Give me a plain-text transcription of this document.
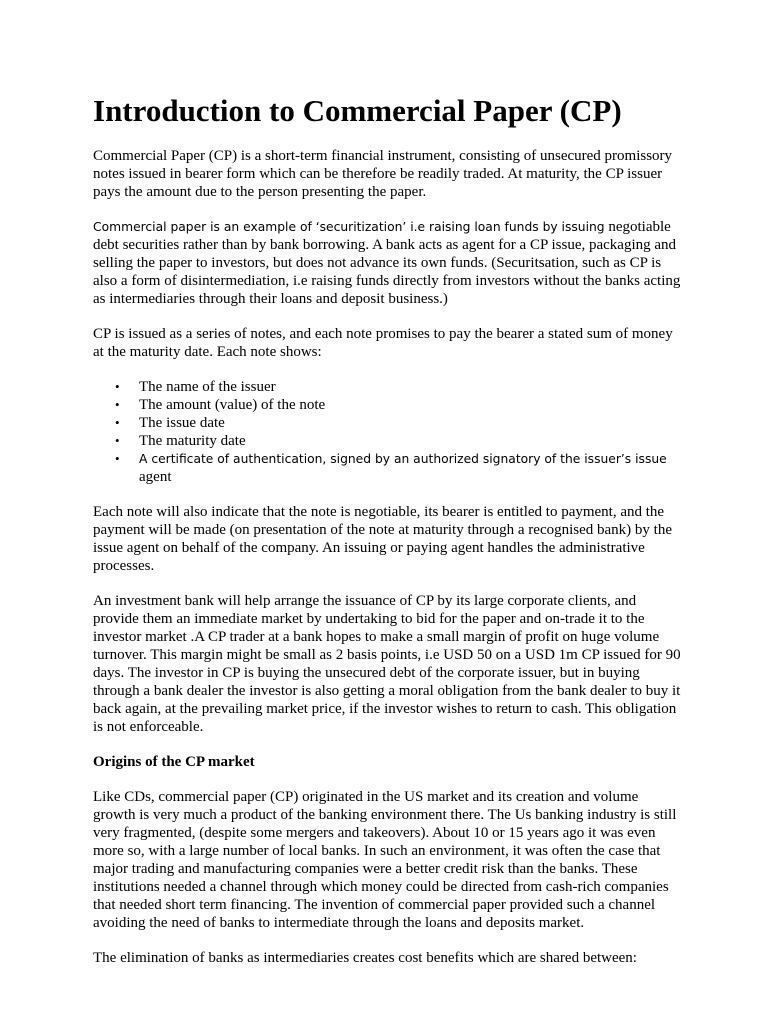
Introduction to Commercial Paper (CP)

Commercial Paper (CP) is a short-term financial instrument, consisting of unsecured promissory notes issued in bearer form which can be therefore be readily traded. At maturity, the CP issuer pays the amount due to the person presenting the paper.

Commercial paper is an example of ‘securitization’ i.e raising loan funds by issuing negotiable debt securities rather than by bank borrowing. A bank acts as agent for a CP issue, packaging and selling the paper to investors, but does not advance its own funds. (Securitsation, such as CP is also a form of disintermediation, i.e raising funds directly from investors without the banks acting as intermediaries through their loans and deposit business.)

CP is issued as a series of notes, and each note promises to pay the bearer a stated sum of money at the maturity date. Each note shows:

• The name of the issuer
• The amount (value) of the note
• The issue date
• The maturity date
• A certificate of authentication, signed by an authorized signatory of the issuer’s issue agent

Each note will also indicate that the note is negotiable, its bearer is entitled to payment, and the payment will be made (on presentation of the note at maturity through a recognised bank) by the issue agent on behalf of the company. An issuing or paying agent handles the administrative processes.

An investment bank will help arrange the issuance of CP by its large corporate clients, and provide them an immediate market by undertaking to bid for the paper and on-trade it to the investor market .A CP trader at a bank hopes to make a small margin of profit on huge volume turnover. This margin might be small as 2 basis points, i.e USD 50 on a USD 1m CP issued for 90 days. The investor in CP is buying the unsecured debt of the corporate issuer, but in buying through a bank dealer the investor is also getting a moral obligation from the bank dealer to buy it back again, at the prevailing market price, if the investor wishes to return to cash. This obligation is not enforceable.

Origins of the CP market

Like CDs, commercial paper (CP) originated in the US market and its creation and volume growth is very much a product of the banking environment there. The Us banking industry is still very fragmented, (despite some mergers and takeovers). About 10 or 15 years ago it was even more so, with a large number of local banks. In such an environment, it was often the case that major trading and manufacturing companies were a better credit risk than the banks. These institutions needed a channel through which money could be directed from cash-rich companies that needed short term financing. The invention of commercial paper provided such a channel avoiding the need of banks to intermediate through the loans and deposits market.

The elimination of banks as intermediaries creates cost benefits which are shared between:
